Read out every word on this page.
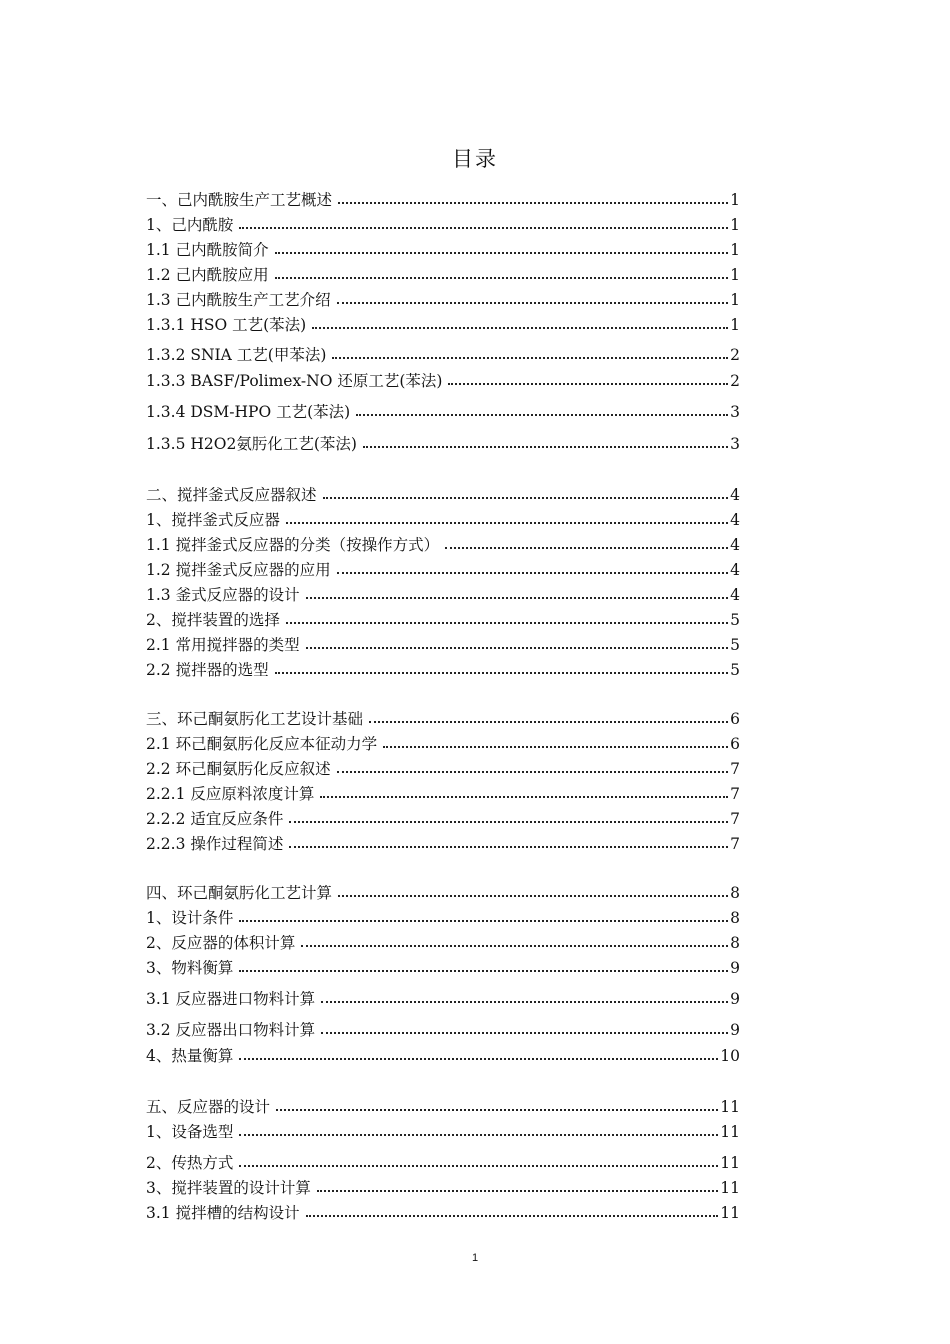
目录
一、己内酰胺生产工艺概述	1
1、己内酰胺	1
1.1 己内酰胺简介	1
1.2 己内酰胺应用	1
1.3 己内酰胺生产工艺介绍	1
1.3.1 HSO 工艺(苯法)	1
1.3.2 SNIA 工艺(甲苯法)	2
1.3.3 BASF/Polimex-NO 还原工艺(苯法)	2
1.3.4 DSM-HPO 工艺(苯法)	3
1.3.5 H2O2氨肟化工艺(苯法)	3
二、搅拌釜式反应器叙述	4
1、搅拌釜式反应器	4
1.1 搅拌釜式反应器的分类（按操作方式）	4
1.2 搅拌釜式反应器的应用	4
1.3 釜式反应器的设计	4
2、搅拌装置的选择	5
2.1 常用搅拌器的类型	5
2.2 搅拌器的选型	5
三、环己酮氨肟化工艺设计基础	6
2.1 环己酮氨肟化反应本征动力学	6
2.2 环己酮氨肟化反应叙述	7
2.2.1 反应原料浓度计算	7
2.2.2 适宜反应条件	7
2.2.3 操作过程简述	7
四、环己酮氨肟化工艺计算	8
1、设计条件	8
2、反应器的体积计算	8
3、物料衡算	9
3.1 反应器进口物料计算	9
3.2 反应器出口物料计算	9
4、热量衡算	10
五、反应器的设计	11
1、设备选型	11
2、传热方式	11
3、搅拌装置的设计计算	11
3.1 搅拌槽的结构设计	11
1
